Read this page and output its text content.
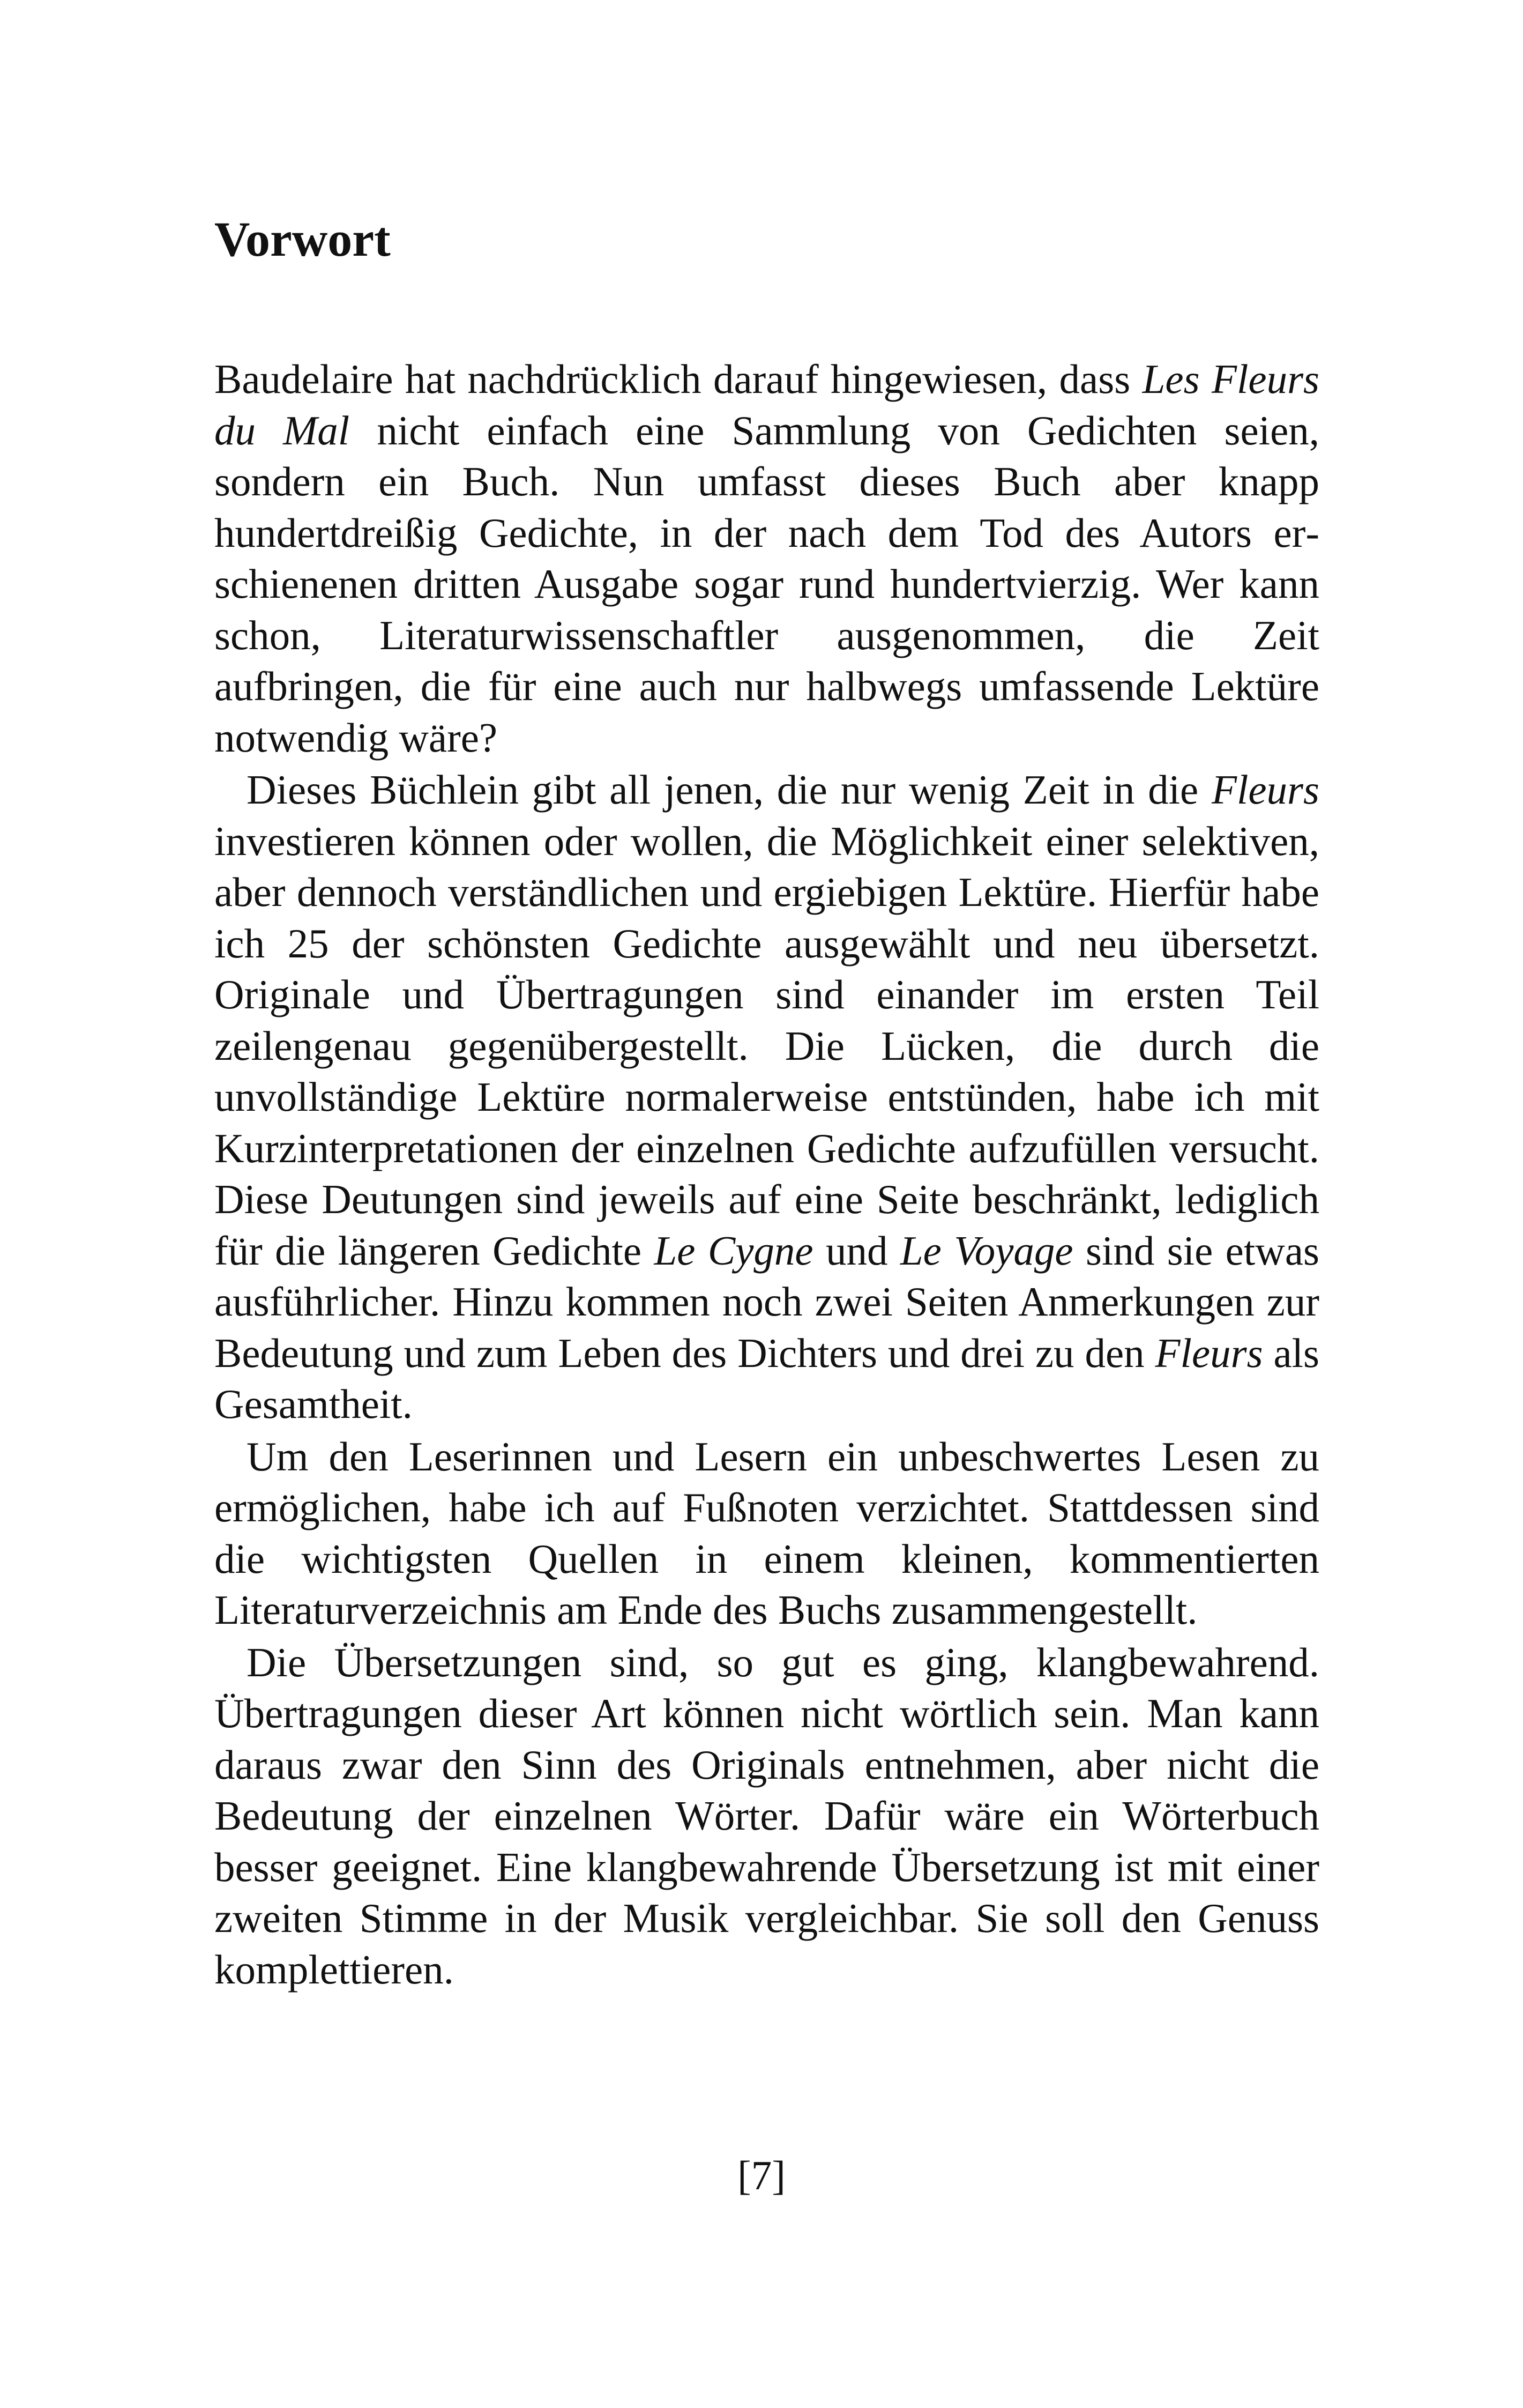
Vorwort

Baudelaire hat nachdrücklich darauf hingewiesen, dass Les Fleurs du Mal nicht einfach eine Sammlung von Gedichten seien, sondern ein Buch. Nun umfasst dieses Buch aber knapp hundertdreißig Gedichte, in der nach dem Tod des Autors erschienenen dritten Ausgabe sogar rund hundertvierzig. Wer kann schon, Literaturwissenschaftler ausgenommen, die Zeit aufbringen, die für eine auch nur halbwegs umfassende Lektüre notwendig wäre?

Dieses Büchlein gibt all jenen, die nur wenig Zeit in die Fleurs investieren können oder wollen, die Möglichkeit einer selektiven, aber dennoch verständlichen und ergiebigen Lektüre. Hierfür habe ich 25 der schönsten Gedichte ausgewählt und neu übersetzt. Originale und Übertragungen sind einander im ersten Teil zeilengenau gegenübergestellt. Die Lücken, die durch die unvollständige Lektüre normalerweise entstünden, habe ich mit Kurzinterpretationen der einzelnen Gedichte aufzufüllen versucht. Diese Deutungen sind jeweils auf eine Seite beschränkt, lediglich für die längeren Gedichte Le Cygne und Le Voyage sind sie etwas ausführlicher. Hinzu kommen noch zwei Seiten Anmerkungen zur Bedeutung und zum Leben des Dichters und drei zu den Fleurs als Gesamtheit.

Um den Leserinnen und Lesern ein unbeschwertes Lesen zu ermöglichen, habe ich auf Fußnoten verzichtet. Stattdessen sind die wichtigsten Quellen in einem kleinen, kommentierten Literaturverzeichnis am Ende des Buchs zusammengestellt.

Die Übersetzungen sind, so gut es ging, klangbewahrend. Übertragungen dieser Art können nicht wörtlich sein. Man kann daraus zwar den Sinn des Originals entnehmen, aber nicht die Bedeutung der einzelnen Wörter. Dafür wäre ein Wörterbuch besser geeignet. Eine klangbewahrende Übersetzung ist mit einer zweiten Stimme in der Musik vergleichbar. Sie soll den Genuss komplettieren.

[7]
